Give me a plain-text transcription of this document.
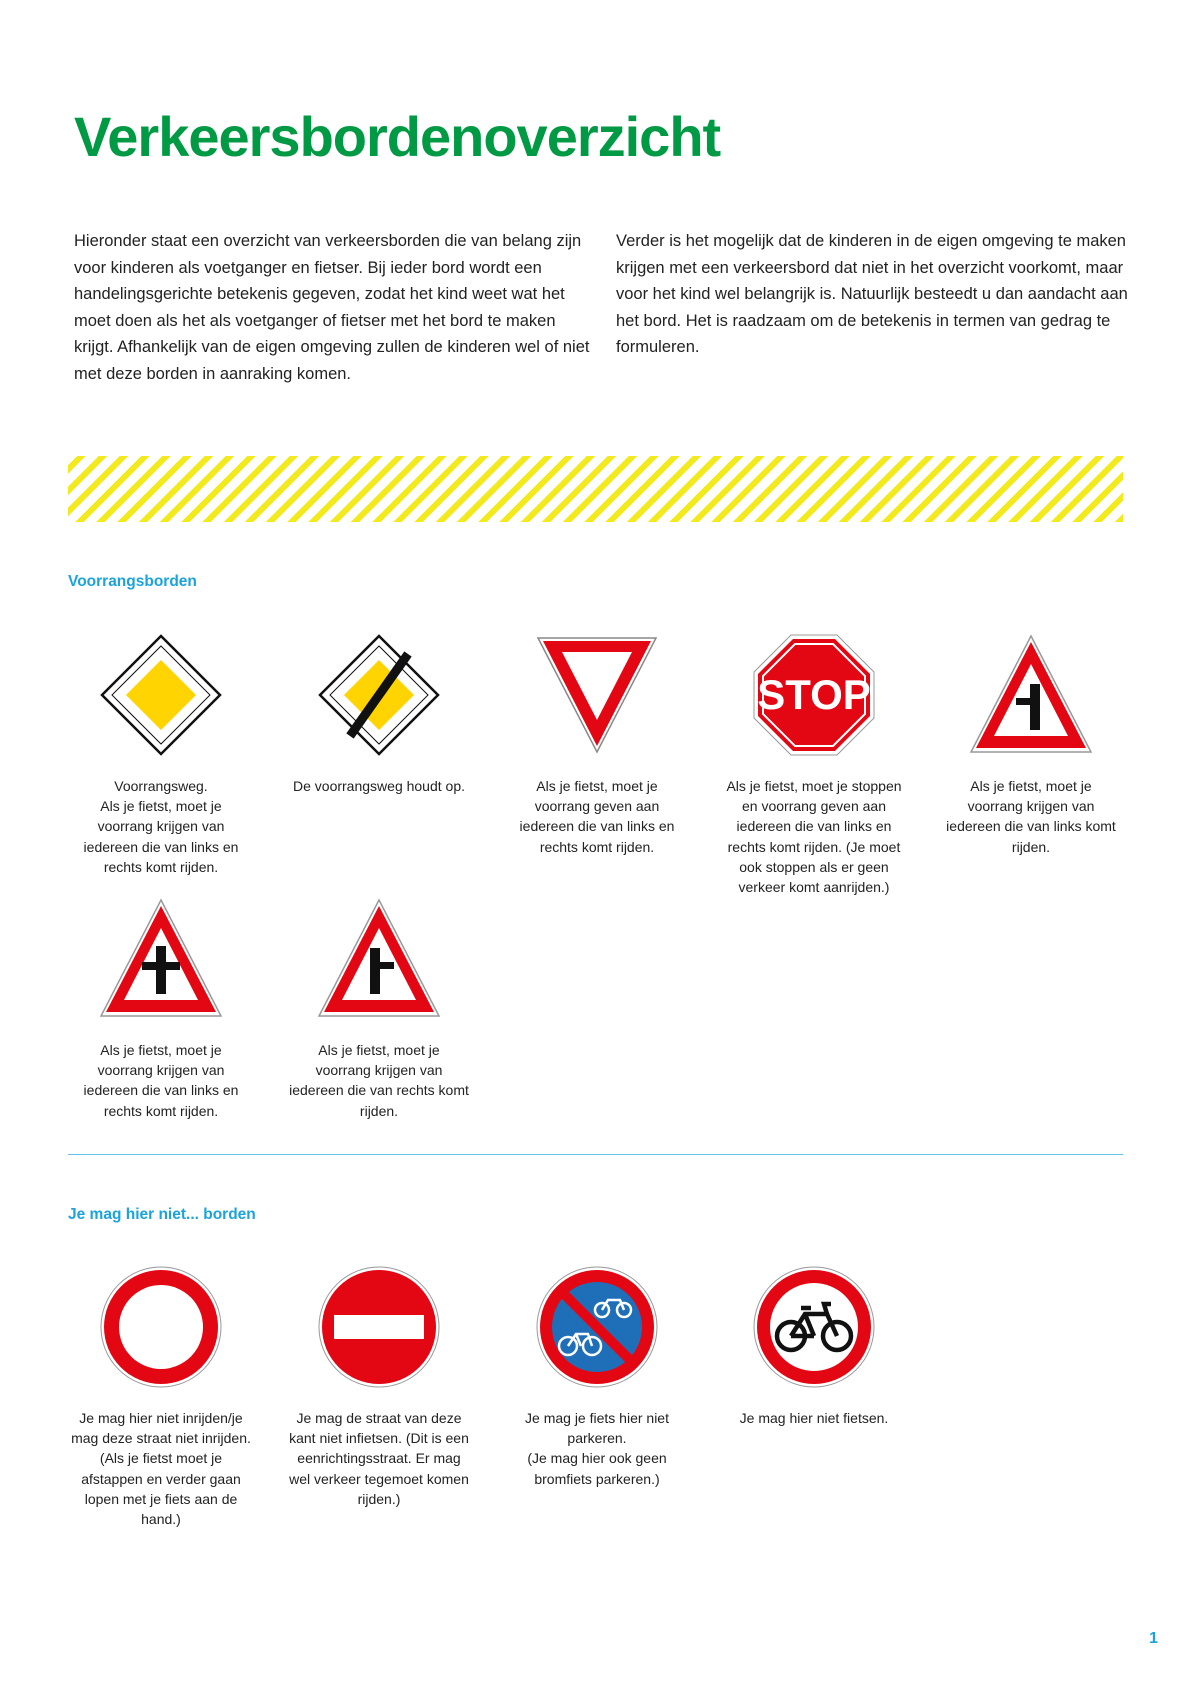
Verkeersbordenoverzicht

Hieronder staat een overzicht van verkeersborden die van belang zijn voor kinderen als voetganger en fietser. Bij ieder bord wordt een handelingsgerichte betekenis gegeven, zodat het kind weet wat het moet doen als het als voetganger of fietser met het bord te maken krijgt. Afhankelijk van de eigen omgeving zullen de kinderen wel of niet met deze borden in aanraking komen.

Verder is het mogelijk dat de kinderen in de eigen omgeving te maken krijgen met een verkeersbord dat niet in het overzicht voorkomt, maar voor het kind wel belangrijk is. Natuurlijk besteedt u dan aandacht aan het bord. Het is raadzaam om de betekenis in termen van gedrag te formuleren.

Voorrangsborden
Voorrangsweg.
Als je fietst, moet je voorrang krijgen van iedereen die van links en rechts komt rijden.
De voorrangsweg houdt op.	Als je fietst, moet je voorrang geven aan iedereen die van links en rechts komt rijden.
STOP
Als je fietst, moet je stoppen en voorrang geven aan iedereen die van links en rechts komt rijden. (Je moet ook stoppen als er geen verkeer komt aanrijden.)
Als je fietst, moet je voorrang krijgen van iedereen die van links komt rijden.
Als je fietst, moet je voorrang krijgen van iedereen die van links en rechts komt rijden.
Als je fietst, moet je voorrang krijgen van iedereen die van rechts komt rijden.
Je mag hier niet... borden
Je mag hier niet inrijden/je mag deze straat niet inrijden. (Als je fietst moet je afstappen en verder gaan lopen met je fiets aan de hand.)
Je mag de straat van deze kant niet infietsen. (Dit is een eenrichtingsstraat. Er mag wel verkeer tegemoet komen rijden.)
Je mag je fiets hier niet parkeren.
(Je mag hier ook geen bromfiets parkeren.)
Je mag hier niet fietsen.
1
